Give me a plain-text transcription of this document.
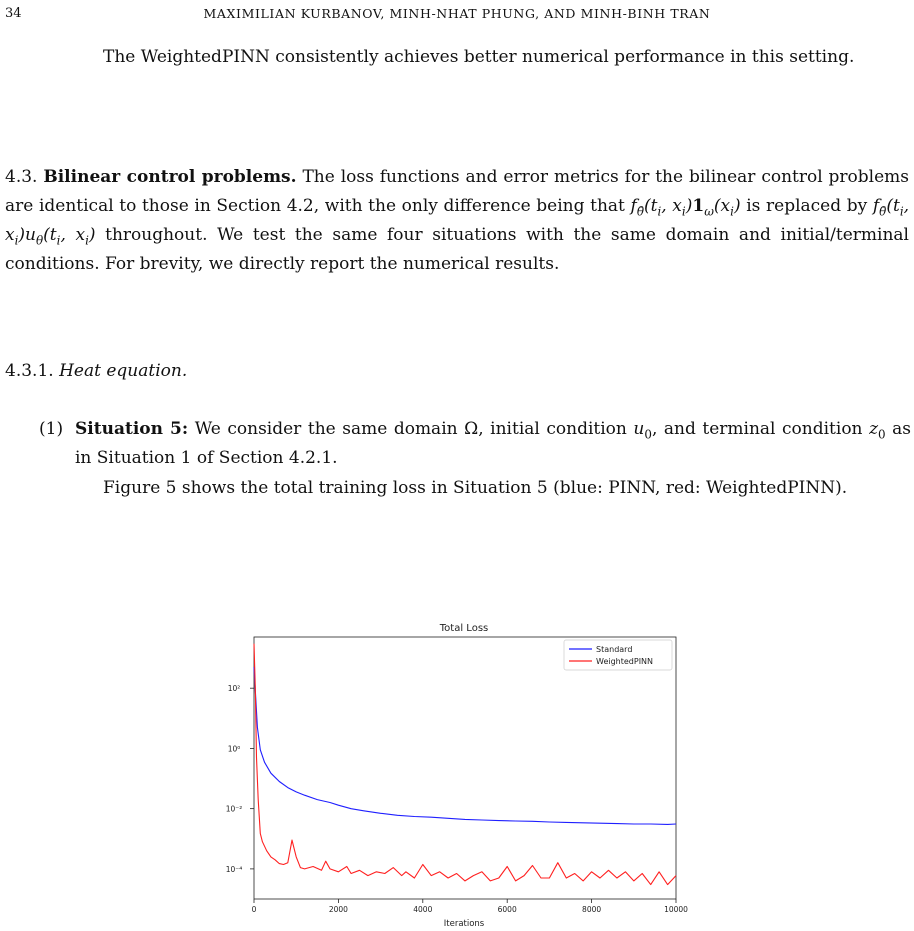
34	MAXIMILIAN KURBANOV, MINH-NHAT PHUNG, AND MINH-BINH TRAN
The WeightedPINN consistently achieves better numerical performance in this setting.
4.3. Bilinear control problems. The loss functions and error metrics for the bilinear control problems are identical to those in Section 4.2, with the only difference being that $f_{\thetā}(t_i$, $x_i)1_\omega(x_i)$ is replaced by $f_{\thetā}(t_i$, $x_i)u_\theta(t_i$, $x_i$) throughout. We test the same four situations with the same domain and initial/terminal conditions. For brevity, we directly report the numerical results.
4.3.1. Heat equation.
(1) Situation 5: We consider the same domain Ω, initial condition $u_0$, and terminal condition $z_0$ as in Situation 1 of Section 4.2.1.
Figure 5 shows the total training loss in Situation 5 (blue: PINN, red: WeightedPINN).
Total Loss
10²
10⁰
10⁻²
10⁻⁴
0	2000	4000	6000	8000	10000
Iterations
Standard
WeightedPINN
